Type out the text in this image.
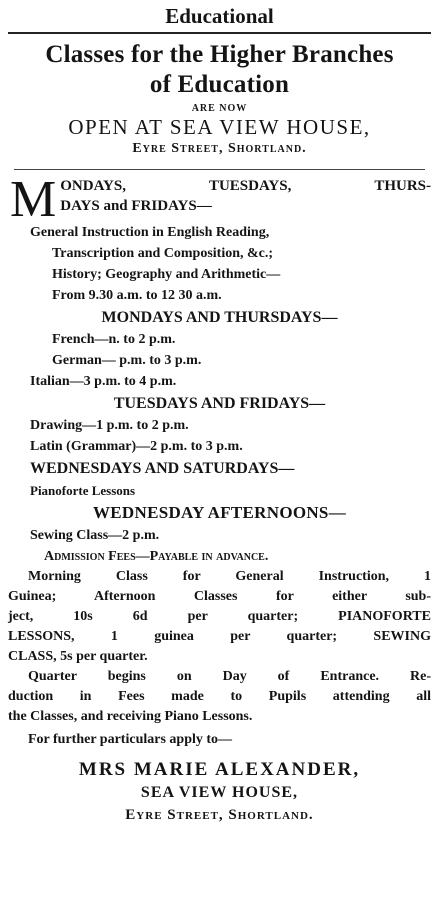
Educational
Classes for the Higher Branches
of Education
ARE NOW
OPEN AT SEA VIEW HOUSE,
Eyre Street, Shortland.
M ONDAYS, TUESDAYS, THURS-
DAYS and FRIDAYS—
General Instruction in English Reading,
Transcription and Composition, &c.;
History; Geography and Arithmetic—
From 9.30 a.m. to 12 30 a.m.
MONDAYS AND THURSDAYS—
French—n. to 2 p.m.
German— p.m. to 3 p.m.
Italian—3 p.m. to 4 p.m.
TUESDAYS AND FRIDAYS—
Drawing—1 p.m. to 2 p.m.
Latin (Grammar)—2 p.m. to 3 p.m.
WEDNESDAYS AND SATURDAYS—
Pianoforte Lessons
WEDNESDAY AFTERNOONS—
Sewing Class—2 p.m.
Admission Fees—Payable in advance.
Morning Class for General Instruction, 1
Guinea; Afternoon Classes for either sub-
ject, 10s 6d per quarter; PIANOFORTE
LESSONS, 1 guinea per quarter; SEWING
CLASS, 5s per quarter.
Quarter begins on Day of Entrance. Re-
duction in Fees made to Pupils attending all
the Classes, and receiving Piano Lessons.
For further particulars apply to—
MRS MARIE ALEXANDER,
SEA VIEW HOUSE,
Eyre Street, Shortland.
